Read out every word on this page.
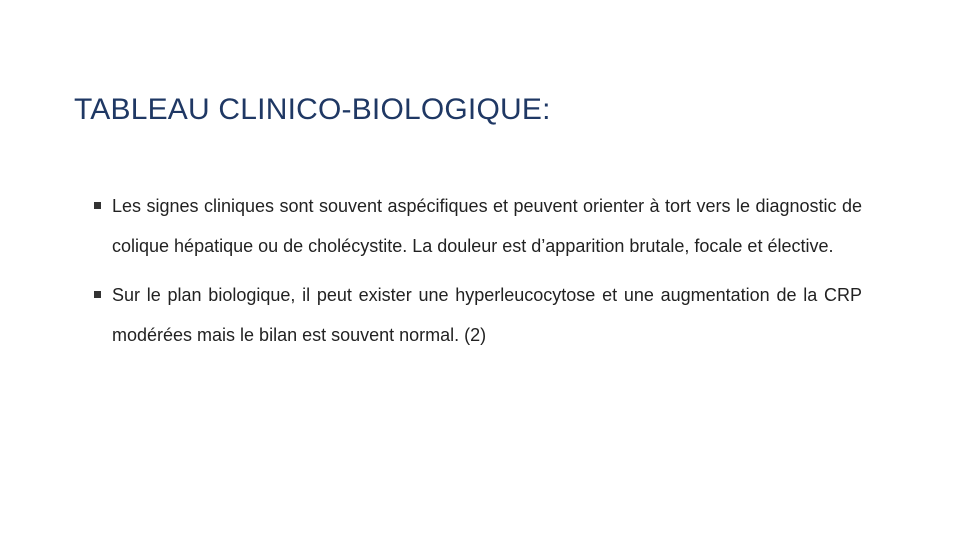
TABLEAU CLINICO-BIOLOGIQUE:
Les signes cliniques sont souvent aspécifiques et peuvent orienter à tort vers le diagnostic de colique hépatique ou de cholécystite. La douleur est d’apparition brutale, focale et élective.
Sur le plan biologique, il peut exister une hyperleucocytose et une augmentation de la CRP modérées mais le bilan est souvent normal. (2)
